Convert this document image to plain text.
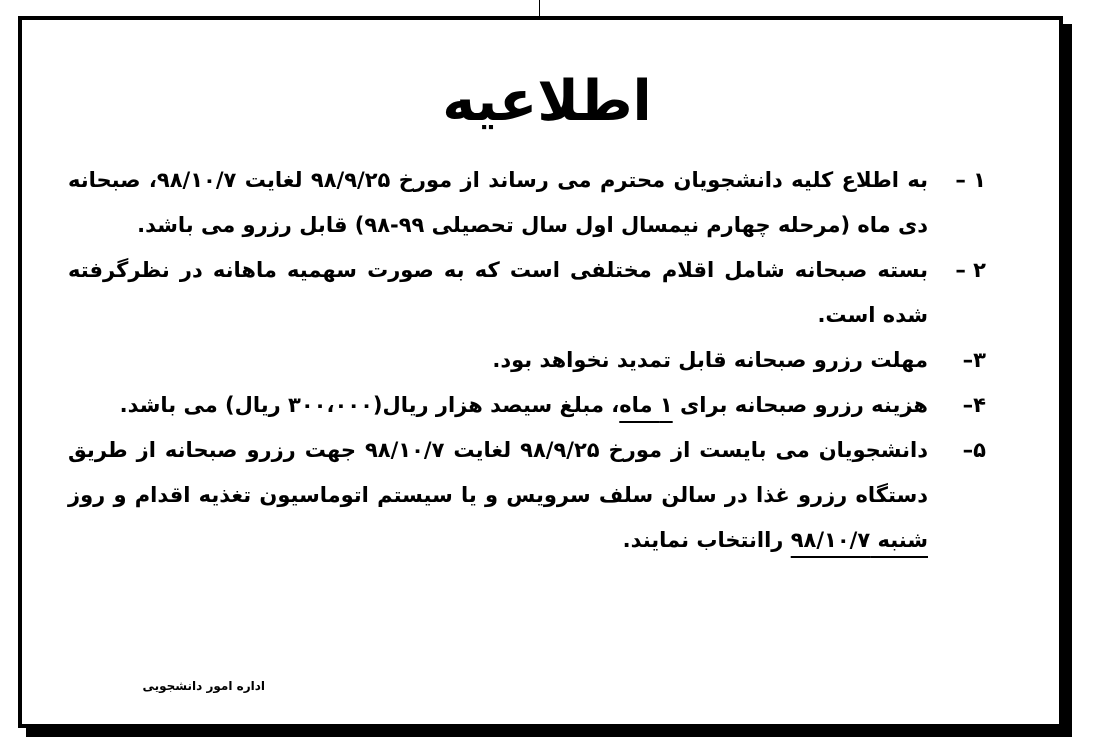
اطلاعیه
۱ –
به اطلاع کلیه دانشجویان محترم می رساند از مورخ ۹۸/۹/۲۵ لغایت ۹۸/۱۰/۷، صبحانه دی ماه (مرحله چهارم نیمسال اول سال تحصیلی ۹۹-۹۸) قابل رزرو می باشد.
۲ –
بسته صبحانه شامل اقلام مختلفی است که به صورت سهمیه ماهانه در نظرگرفته شده است.
۳–
مهلت رزرو صبحانه قابل تمدید نخواهد بود.
۴–
هزینه رزرو صبحانه برای ۱ ماه، مبلغ سیصد هزار ریال(۳۰۰،۰۰۰ ریال) می باشد.
۵–
دانشجویان می بایست از مورخ ۹۸/۹/۲۵ لغایت ۹۸/۱۰/۷ جهت رزرو صبحانه از طریق دستگاه رزرو غذا در سالن سلف سرویس و یا سیستم اتوماسیون تغذیه اقدام و روز شنبه ۹۸/۱۰/۷ راانتخاب نمایند.
اداره امور دانشجویی
